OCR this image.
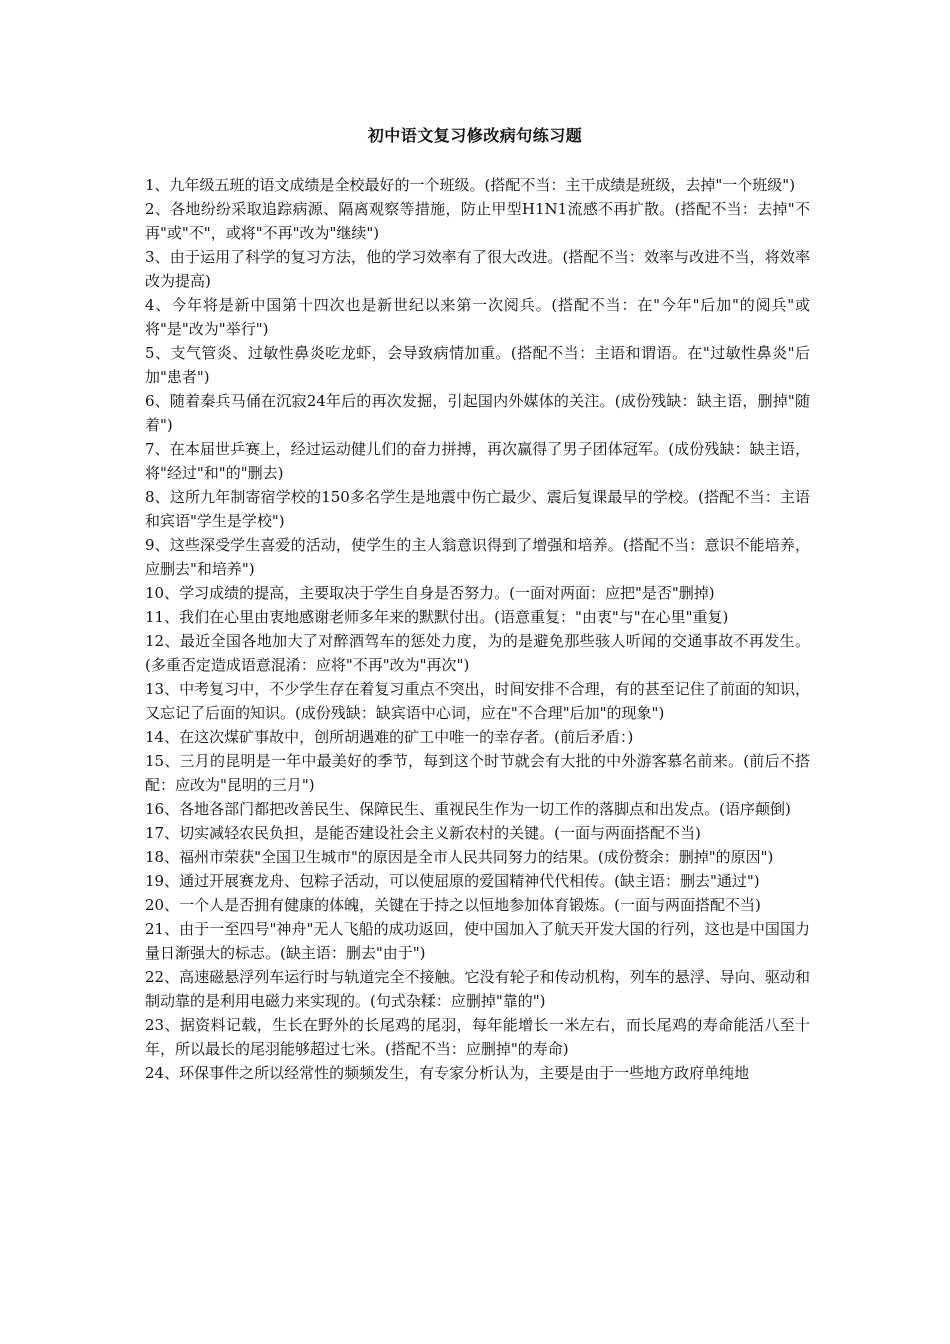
初中语文复习修改病句练习题
1、九年级五班的语文成绩是全校最好的一个班级。(搭配不当：主干成绩是班级，去掉"一个班级")
2、各地纷纷采取追踪病源、隔离观察等措施，防止甲型H1N1流感不再扩散。(搭配不当：去掉"不再"或"不"，或将"不再"改为"继续")
3、由于运用了科学的复习方法，他的学习效率有了很大改进。(搭配不当：效率与改进不当，将效率改为提高)
4、今年将是新中国第十四次也是新世纪以来第一次阅兵。(搭配不当：在"今年"后加"的阅兵"或将"是"改为"举行")
5、支气管炎、过敏性鼻炎吃龙虾，会导致病情加重。(搭配不当：主语和谓语。在"过敏性鼻炎"后加"患者")
6、随着秦兵马俑在沉寂24年后的再次发掘，引起国内外媒体的关注。(成份残缺：缺主语，删掉"随着")
7、在本届世乒赛上，经过运动健儿们的奋力拼搏，再次赢得了男子团体冠军。(成份残缺：缺主语，将"经过"和"的"删去)
8、这所九年制寄宿学校的150多名学生是地震中伤亡最少、震后复课最早的学校。(搭配不当：主语和宾语"学生是学校")
9、这些深受学生喜爱的活动，使学生的主人翁意识得到了增强和培养。(搭配不当：意识不能培养，应删去"和培养")
10、学习成绩的提高，主要取决于学生自身是否努力。(一面对两面：应把"是否"删掉)
11、我们在心里由衷地感谢老师多年来的默默付出。(语意重复："由衷"与"在心里"重复)
12、最近全国各地加大了对醉酒驾车的惩处力度，为的是避免那些骇人听闻的交通事故不再发生。(多重否定造成语意混淆：应将"不再"改为"再次")
13、中考复习中，不少学生存在着复习重点不突出，时间安排不合理，有的甚至记住了前面的知识，又忘记了后面的知识。(成份残缺：缺宾语中心词，应在"不合理"后加"的现象")
14、在这次煤矿事故中，创所胡遇难的矿工中唯一的幸存者。(前后矛盾：)
15、三月的昆明是一年中最美好的季节，每到这个时节就会有大批的中外游客慕名前来。(前后不搭配：应改为"昆明的三月")
16、各地各部门都把改善民生、保障民生、重视民生作为一切工作的落脚点和出发点。(语序颠倒)
17、切实减轻农民负担，是能否建设社会主义新农村的关键。(一面与两面搭配不当)
18、福州市荣获"全国卫生城市"的原因是全市人民共同努力的结果。(成份赘余：删掉"的原因")
19、通过开展赛龙舟、包粽子活动，可以使屈原的爱国精神代代相传。(缺主语：删去"通过")
20、一个人是否拥有健康的体魄，关键在于持之以恒地参加体育锻炼。(一面与两面搭配不当)
21、由于一至四号"神舟"无人飞船的成功返回，使中国加入了航天开发大国的行列，这也是中国国力量日渐强大的标志。(缺主语：删去"由于")
22、高速磁悬浮列车运行时与轨道完全不接触。它没有轮子和传动机构，列车的悬浮、导向、驱动和制动靠的是利用电磁力来实现的。(句式杂糅：应删掉"靠的")
23、据资料记载，生长在野外的长尾鸡的尾羽，每年能增长一米左右，而长尾鸡的寿命能活八至十年，所以最长的尾羽能够超过七米。(搭配不当：应删掉"的寿命)
24、环保事件之所以经常性的频频发生，有专家分析认为，主要是由于一些地方政府单纯地
